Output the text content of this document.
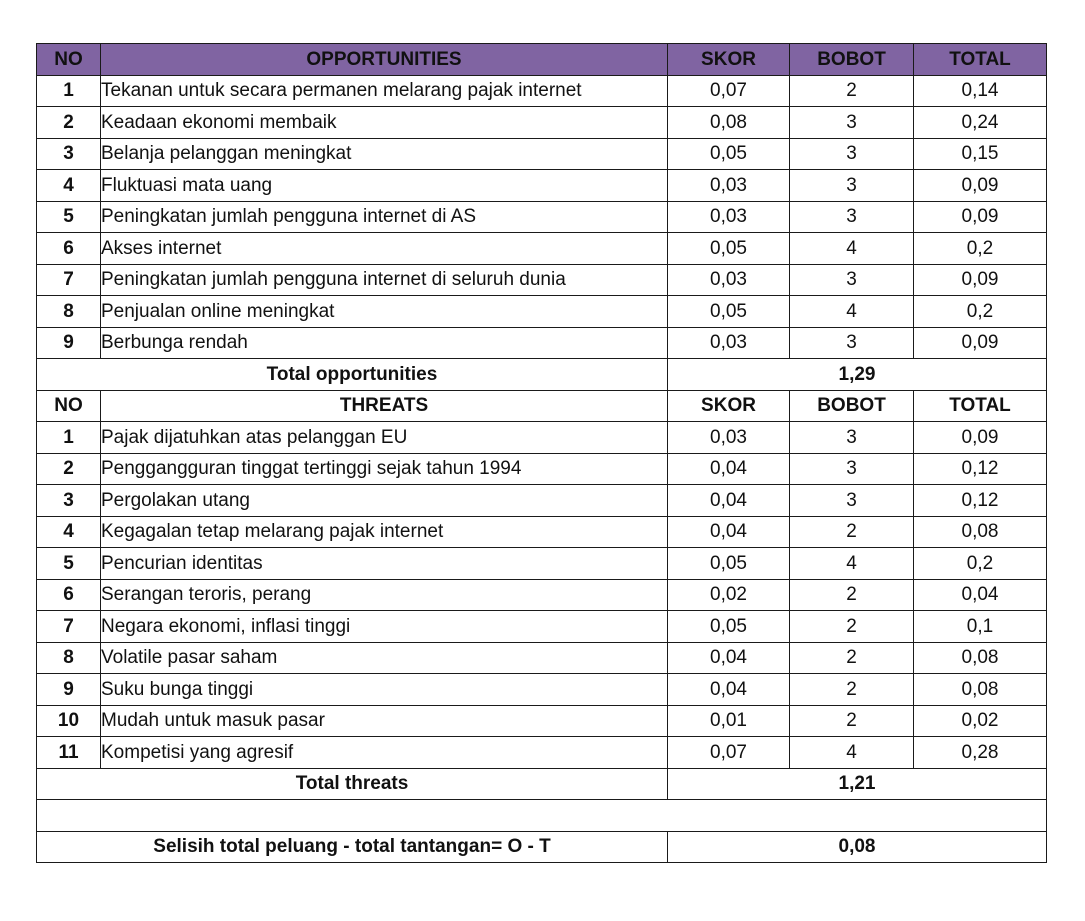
NO	OPPORTUNITIES	SKOR	BOBOT	TOTAL
1	Tekanan untuk secara permanen melarang pajak internet	0,07	2	0,14
2	Keadaan ekonomi membaik	0,08	3	0,24
3	Belanja pelanggan meningkat	0,05	3	0,15
4	Fluktuasi mata uang	0,03	3	0,09
5	Peningkatan jumlah pengguna internet di AS	0,03	3	0,09
6	Akses internet	0,05	4	0,2
7	Peningkatan jumlah pengguna internet di seluruh dunia	0,03	3	0,09
8	Penjualan online meningkat	0,05	4	0,2
9	Berbunga rendah	0,03	3	0,09
Total opportunities		1,29		
NO	THREATS	SKOR	BOBOT	TOTAL
1	Pajak dijatuhkan atas pelanggan EU	0,03	3	0,09
2	Penggangguran tinggat tertinggi sejak tahun 1994	0,04	3	0,12
3	Pergolakan utang	0,04	3	0,12
4	Kegagalan tetap melarang pajak internet	0,04	2	0,08
5	Pencurian identitas	0,05	4	0,2
6	Serangan teroris, perang	0,02	2	0,04
7	Negara ekonomi, inflasi tinggi	0,05	2	0,1
8	Volatile pasar saham	0,04	2	0,08
9	Suku bunga tinggi	0,04	2	0,08
10	Mudah untuk masuk pasar	0,01	2	0,02
11	Kompetisi yang agresif	0,07	4	0,28
Total threats		1,21		

Selisih total peluang - total tantangan= O - T		0,08		
